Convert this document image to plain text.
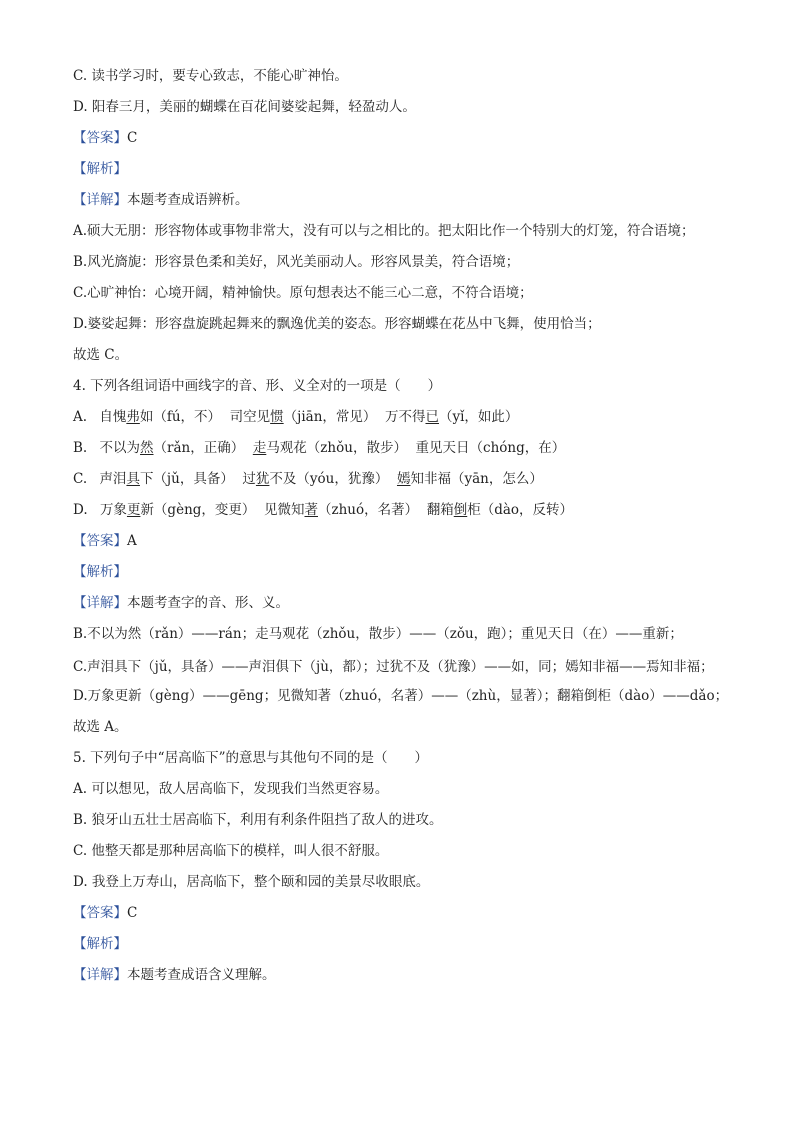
C. 读书学习时，要专心致志，不能心旷神怡。
D. 阳春三月，美丽的蝴蝶在百花间婆娑起舞，轻盈动人。
【答案】C
【解析】
【详解】本题考查成语辨析。
A.硕大无朋：形容物体或事物非常大，没有可以与之相比的。把太阳比作一个特别大的灯笼，符合语境；
B.风光旖旎：形容景色柔和美好，风光美丽动人。形容风景美，符合语境；
C.心旷神怡：心境开阔，精神愉快。原句想表达不能三心二意，不符合语境；
D.婆娑起舞：形容盘旋跳起舞来的飘逸优美的姿态。形容蝴蝶在花丛中飞舞，使用恰当；
故选 C。
4. 下列各组词语中画线字的音、形、义全对的一项是（　　）
A. 自愧弗如（fú，不） 司空见惯（jiān，常见） 万不得已（yǐ，如此）
B. 不以为然（rǎn，正确） 走马观花（zhǒu，散步） 重见天日（chóng，在）
C. 声泪具下（jǔ，具备） 过犹不及（yóu，犹豫） 嫣知非福（yān，怎么）
D. 万象更新（gèng，变更） 见微知著（zhuó，名著） 翻箱倒柜（dào，反转）
【答案】A
【解析】
【详解】本题考查字的音、形、义。
B.不以为然（rǎn）——rán；走马观花（zhǒu，散步）——（zǒu，跑）；重见天日（在）——重新；
C.声泪具下（jǔ，具备）——声泪俱下（jù，都）；过犹不及（犹豫）——如，同；嫣知非福——焉知非福；
D.万象更新（gèng）——gēng；见微知著（zhuó，名著）——（zhù，显著）；翻箱倒柜（dào）——dǎo；
故选 A。
5. 下列句子中“居高临下”的意思与其他句不同的是（　　）
A. 可以想见，敌人居高临下，发现我们当然更容易。
B. 狼牙山五壮士居高临下，利用有利条件阻挡了敌人的进攻。
C. 他整天都是那种居高临下的模样，叫人很不舒服。
D. 我登上万寿山，居高临下，整个颐和园的美景尽收眼底。
【答案】C
【解析】
【详解】本题考查成语含义理解。
